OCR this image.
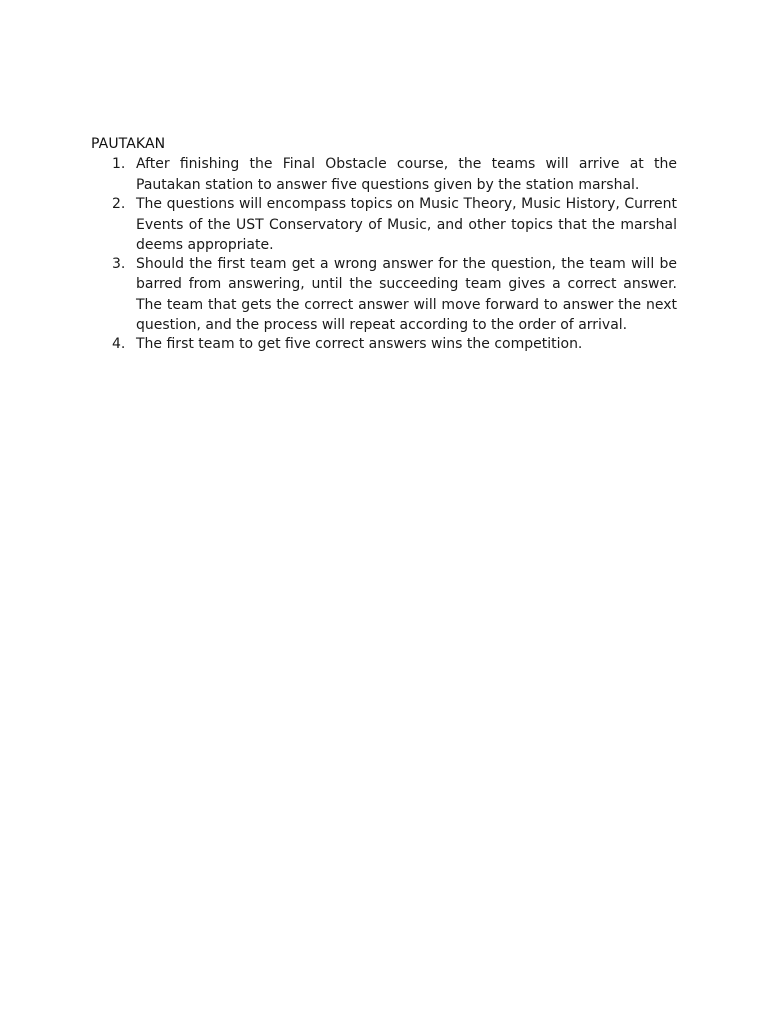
PAUTAKAN
1. After finishing the Final Obstacle course, the teams will arrive at the Pautakan station to answer five questions given by the station marshal.
2. The questions will encompass topics on Music Theory, Music History, Current Events of the UST Conservatory of Music, and other topics that the marshal deems appropriate.
3. Should the first team get a wrong answer for the question, the team will be barred from answering, until the succeeding team gives a correct answer. The team that gets the correct answer will move forward to answer the next question, and the process will repeat according to the order of arrival.
4. The first team to get five correct answers wins the competition.
